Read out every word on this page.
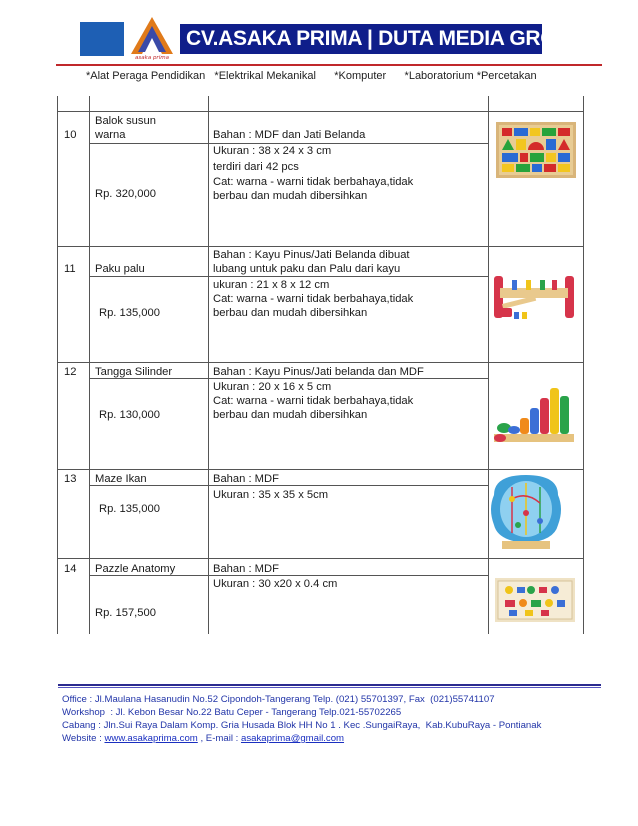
asaka prima
CV.ASAKA PRIMA | DUTA MEDIA GROUP
*Alat Peraga Pendidikan   *Elektrikal Mekanikal      *Komputer      *Laboratorium *Percetakan
10
Balok susun
warna
Rp. 320,000
Bahan : MDF dan Jati Belanda
Ukuran : 38 x 24 x 3 cm
terdiri dari 42 pcs
Cat: warna - warni tidak berbahaya,tidak
berbau dan mudah dibersihkan
11 Paku palu
Rp. 135,000
Bahan : Kayu Pinus/Jati Belanda dibuat
lubang untuk paku dan Palu dari kayu
ukuran : 21 x 8 x 12 cm
Cat: warna - warni tidak berbahaya,tidak
berbau dan mudah dibersihkan
12 Tangga Silinder
Rp. 130,000
Bahan : Kayu Pinus/Jati belanda dan MDF
Ukuran : 20 x 16 x 5 cm
Cat: warna - warni tidak berbahaya,tidak
berbau dan mudah dibersihkan
13 Maze Ikan
Rp. 135,000
Bahan : MDF
Ukuran : 35 x 35 x 5cm
14 Pazzle Anatomy
Rp. 157,500
Bahan : MDF
Ukuran : 30 x20 x 0.4 cm
Office : Jl.Maulana Hasanudin No.52 Cipondoh-Tangerang Telp. (021) 55701397, Fax  (021)55741107
Workshop  : Jl. Kebon Besar No.22 Batu Ceper - Tangerang Telp.021-55702265
Cabang : Jln.Sui Raya Dalam Komp. Gria Husada Blok HH No 1 . Kec .SungaiRaya,  Kab.KubuRaya - Pontianak
Website : www.asakaprima.com , E-mail : asakaprima@gmail.com
